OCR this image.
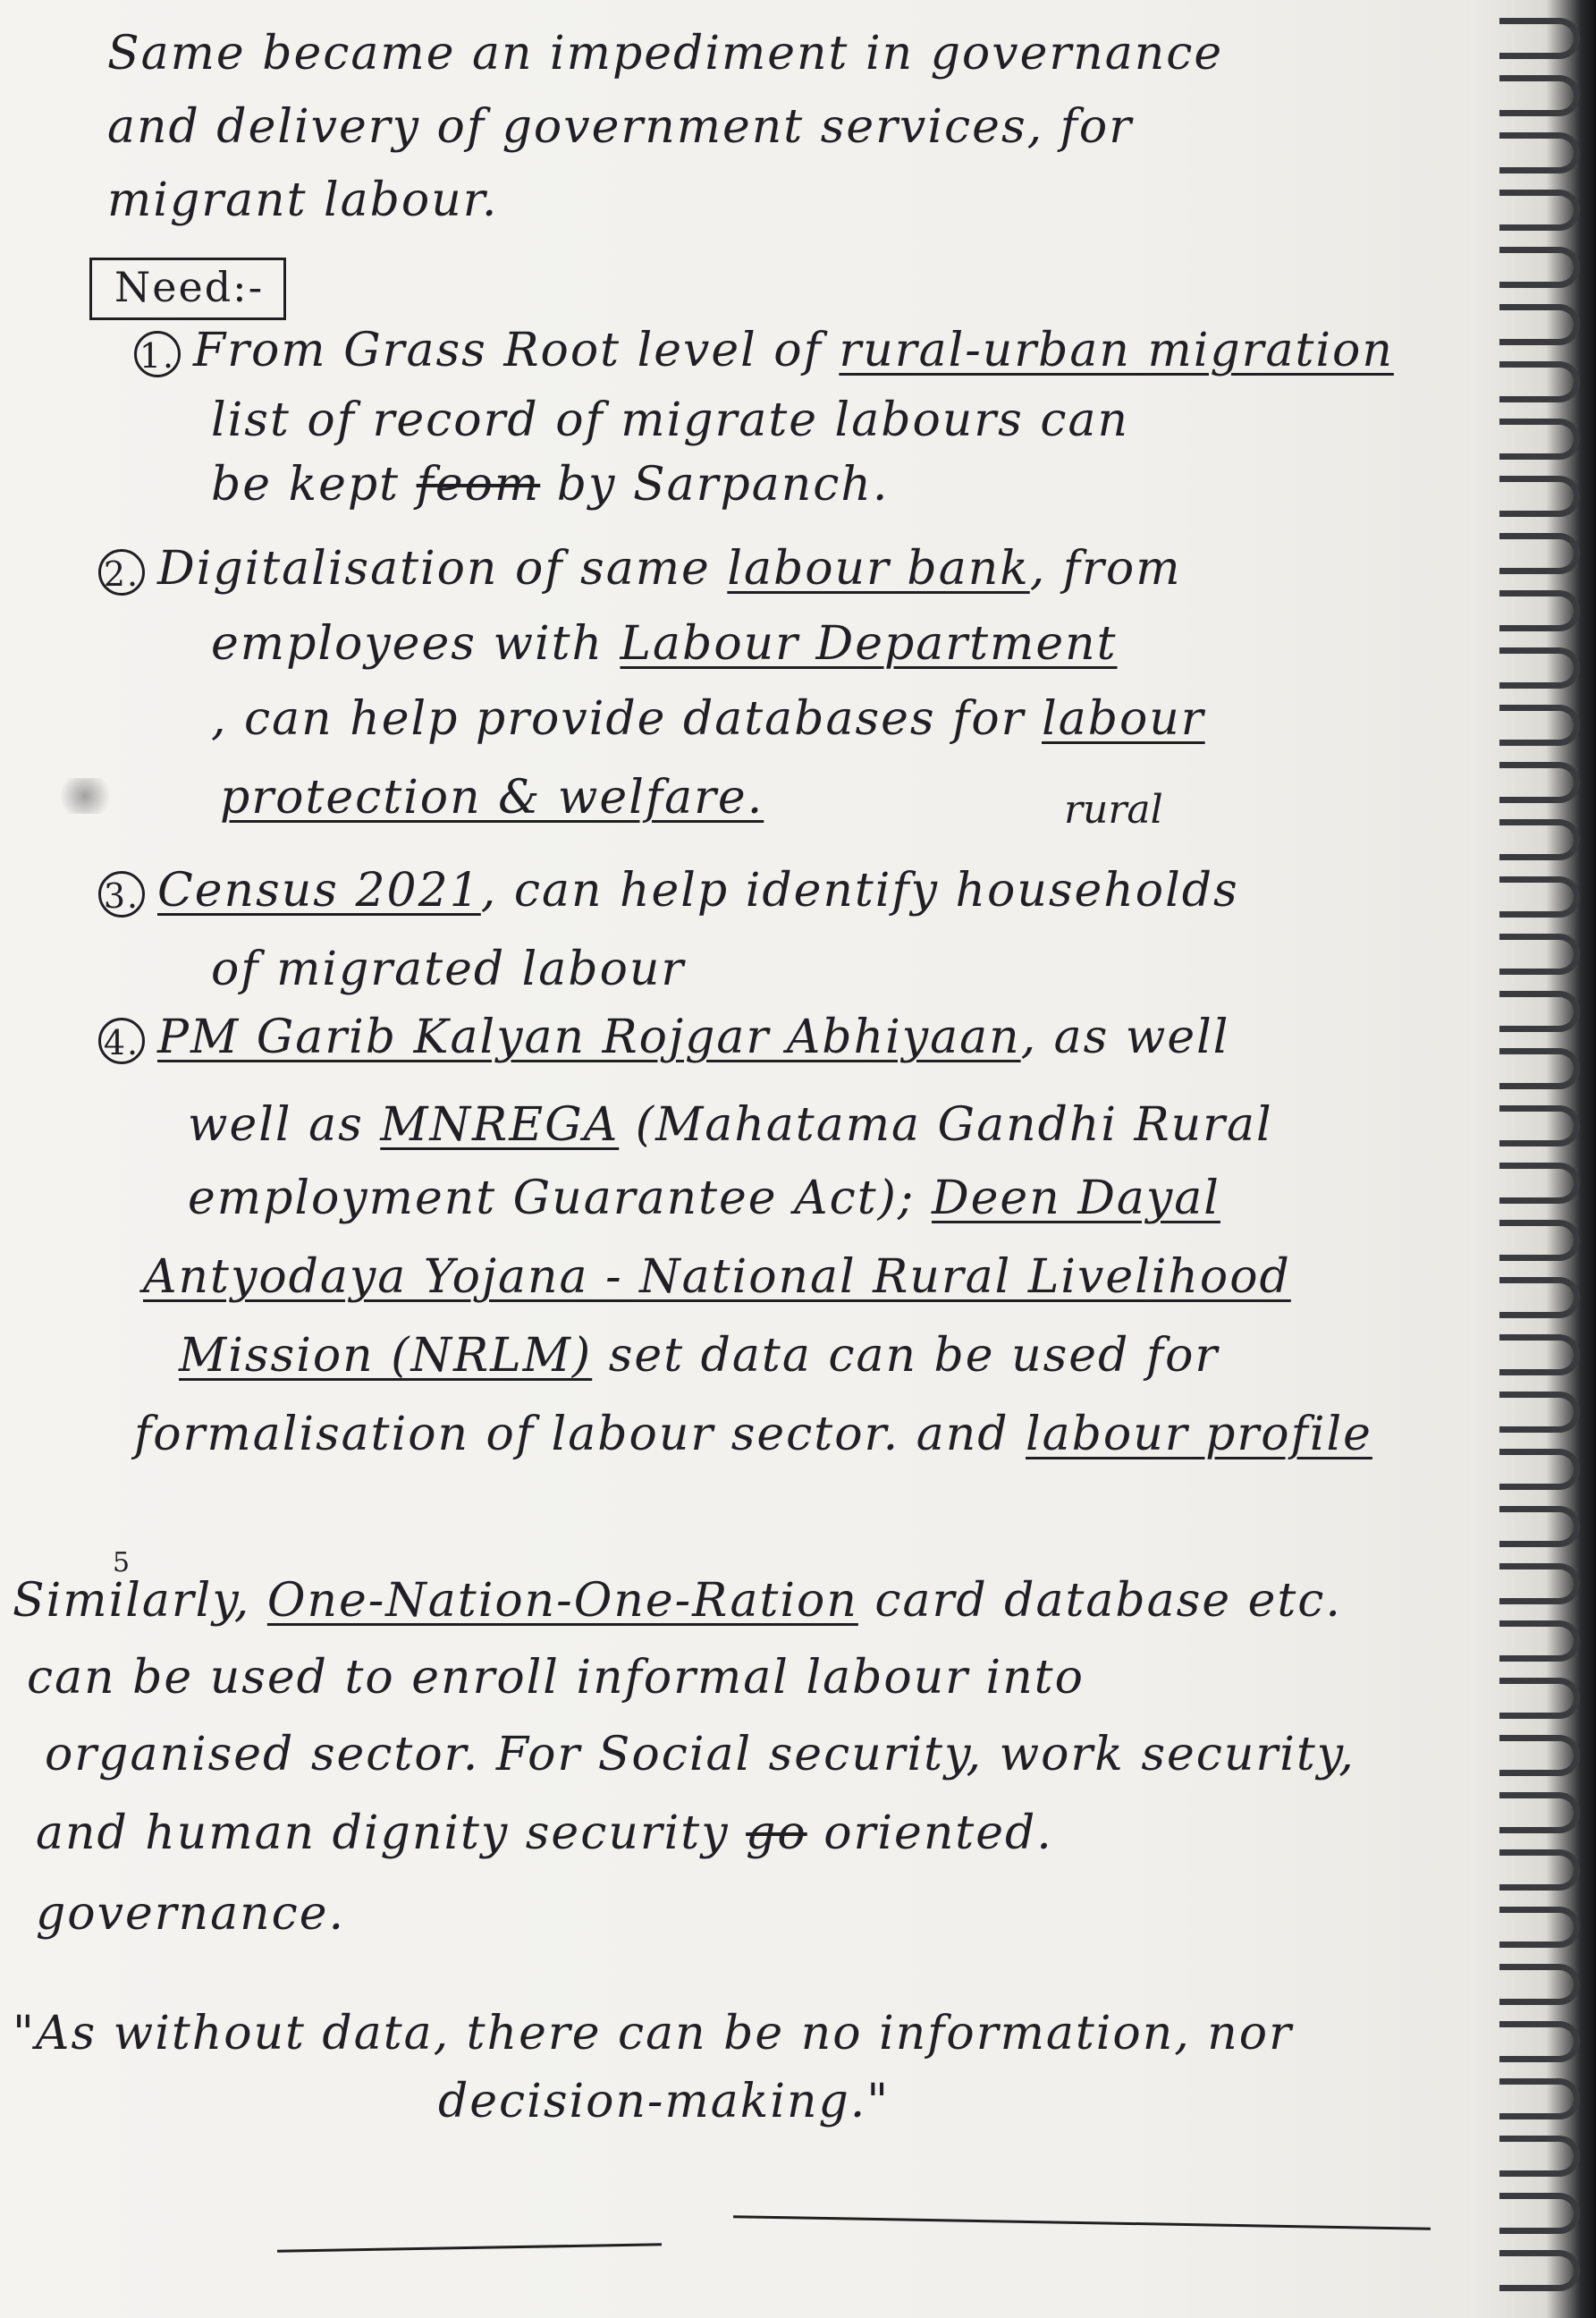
Same became an impediment in governance
and delivery of government services, for
migrant labour.
Need:-
1. From Grass Root level of rural-urban migration
list of record of migrate labours can
be kept feom by Sarpanch.
2. Digitalisation of same labour bank, from
employees with Labour Department
, can help provide databases for labour
protection & welfare.	rural
3. Census 2021, can help identify households
of migrated labour
4. PM Garib Kalyan Rojgar Abhiyaan, as well
well as MNREGA (Mahatama Gandhi Rural
employment Guarantee Act); Deen Dayal
Antyodaya Yojana - National Rural Livelihood
Mission (NRLM) set data can be used for
formalisation of labour sector. and labour profile
5
Similarly, One-Nation-One-Ration card database etc.
can be used to enroll informal labour into
organised sector. For Social security, work security,
and human dignity security go oriented.
governance.
"As without data, there can be no information, nor
decision-making."
